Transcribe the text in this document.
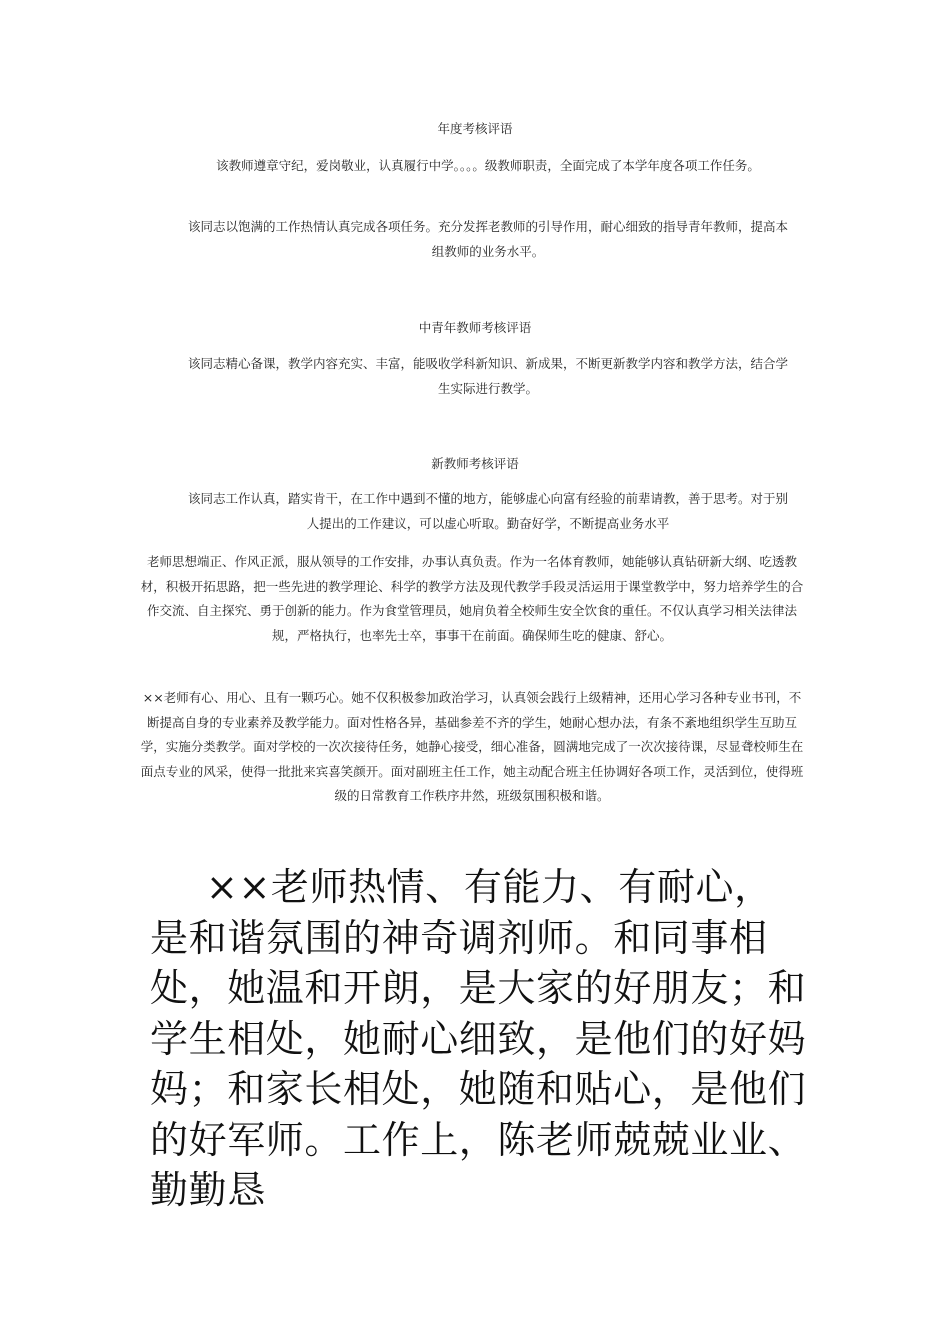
年度考核评语
该教师遵章守纪，爱岗敬业，认真履行中学。。。。级教师职责，全面完成了本学年度各项工作任务。
该同志以饱满的工作热情认真完成各项任务。充分发挥老教师的引导作用，耐心细致的指导青年教师，提高本组教师的业务水平。
中青年教师考核评语
该同志精心备课，教学内容充实、丰富，能吸收学科新知识、新成果，不断更新教学内容和教学方法，结合学生实际进行教学。
新教师考核评语
该同志工作认真，踏实肯干，在工作中遇到不懂的地方，能够虚心向富有经验的前辈请教，善于思考。对于别人提出的工作建议，可以虚心听取。勤奋好学，不断提高业务水平
老师思想端正、作风正派，服从领导的工作安排，办事认真负责。作为一名体育教师，她能够认真钻研新大纲、吃透教材，积极开拓思路，把一些先进的教学理论、科学的教学方法及现代教学手段灵活运用于课堂教学中，努力培养学生的合作交流、自主探究、勇于创新的能力。作为食堂管理员，她肩负着全校师生安全饮食的重任。不仅认真学习相关法律法规，严格执行，也率先士卒，事事干在前面。确保师生吃的健康、舒心。
××老师有心、用心、且有一颗巧心。她不仅积极参加政治学习，认真领会践行上级精神，还用心学习各种专业书刊，不断提高自身的专业素养及教学能力。面对性格各异，基础参差不齐的学生，她耐心想办法，有条不紊地组织学生互助互学，实施分类教学。面对学校的一次次接待任务，她静心接受，细心准备，圆满地完成了一次次接待课，尽显聋校师生在面点专业的风采，使得一批批来宾喜笑颜开。面对副班主任工作，她主动配合班主任协调好各项工作，灵活到位，使得班级的日常教育工作秩序井然，班级氛围积极和谐。
××老师热情、有能力、有耐心，是和谐氛围的神奇调剂师。和同事相处，她温和开朗，是大家的好朋友；和学生相处，她耐心细致，是他们的好妈妈；和家长相处，她随和贴心，是他们的好军师。工作上，陈老师兢兢业业、勤勤恳
